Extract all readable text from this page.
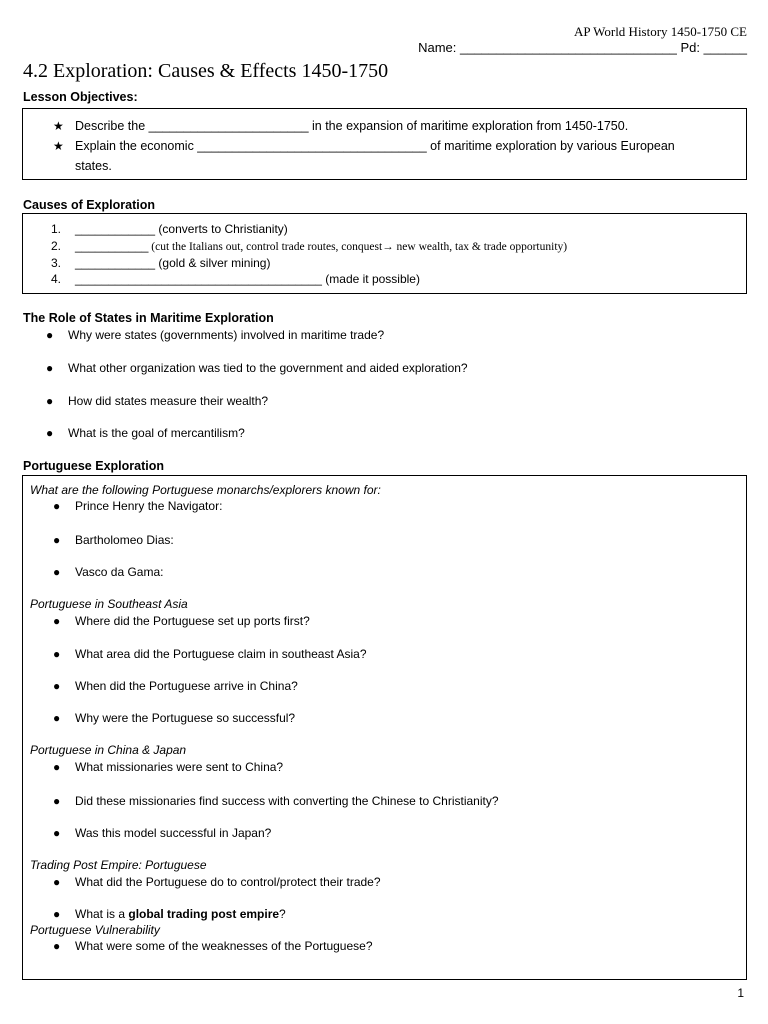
AP World History 1450-1750 CE
Name: ______________________________ Pd: ______
4.2 Exploration: Causes & Effects 1450-1750
Lesson Objectives:
★ Describe the _______________________ in the expansion of maritime exploration from 1450-1750.
★ Explain the economic _________________________________ of maritime exploration by various European
states.
Causes of Exploration
1. ____________ (converts to Christianity)
2. ___________ (cut the Italians out, control trade routes, conquest→ new wealth, tax & trade opportunity)
3. ____________ (gold & silver mining)
4. _____________________________________ (made it possible)
The Role of States in Maritime Exploration
● Why were states (governments) involved in maritime trade?
● What other organization was tied to the government and aided exploration?
● How did states measure their wealth?
● What is the goal of mercantilism?
Portuguese Exploration
What are the following Portuguese monarchs/explorers known for:
● Prince Henry the Navigator:
● Bartholomeo Dias:
● Vasco da Gama:
Portuguese in Southeast Asia
● Where did the Portuguese set up ports first?
● What area did the Portuguese claim in southeast Asia?
● When did the Portuguese arrive in China?
● Why were the Portuguese so successful?
Portuguese in China & Japan
● What missionaries were sent to China?
● Did these missionaries find success with converting the Chinese to Christianity?
● Was this model successful in Japan?
Trading Post Empire: Portuguese
● What did the Portuguese do to control/protect their trade?
● What is a global trading post empire?
Portuguese Vulnerability
● What were some of the weaknesses of the Portuguese?
1
